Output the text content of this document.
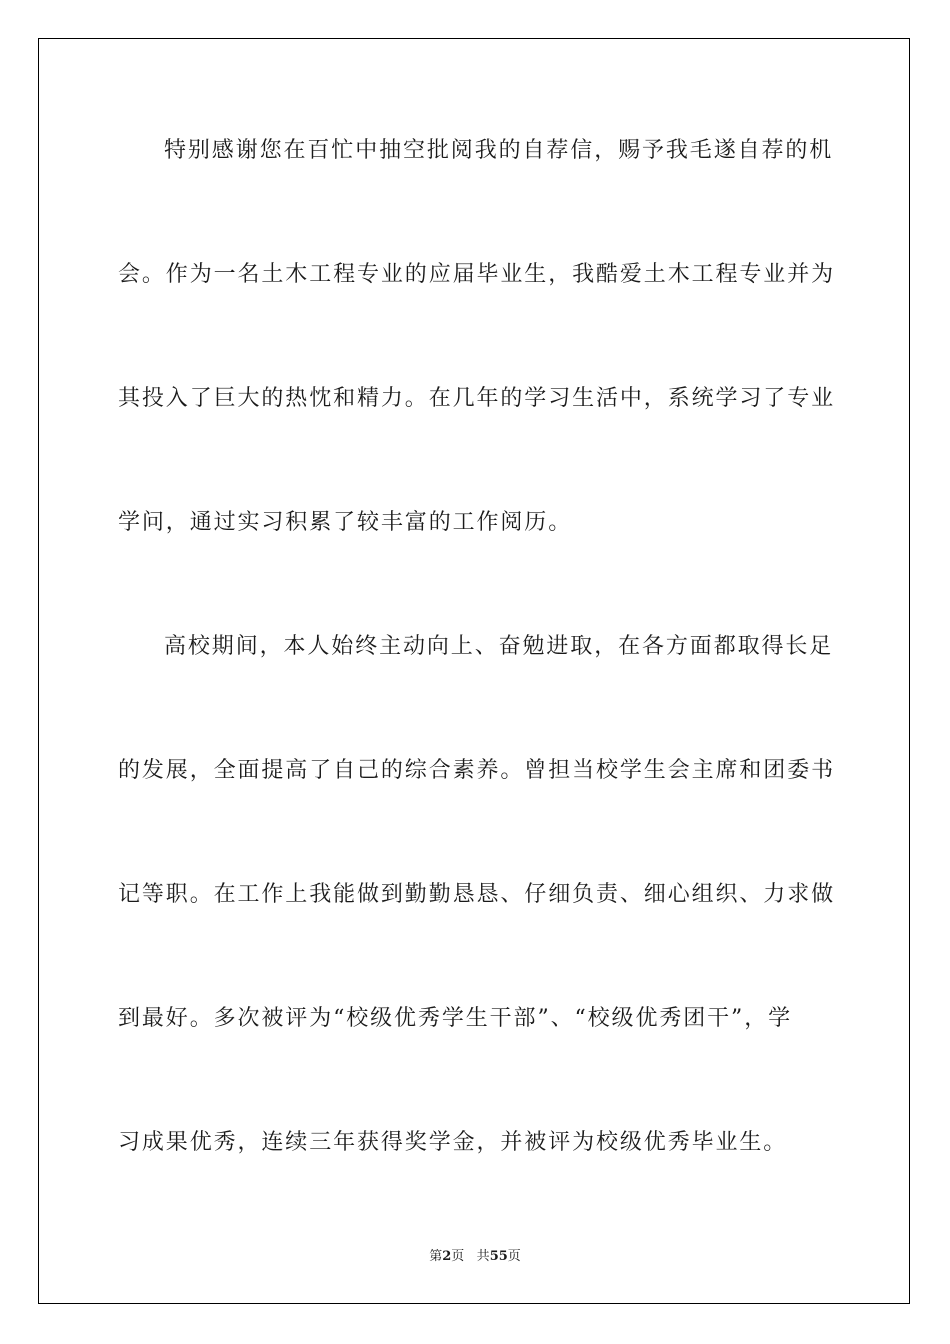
特别感谢您在百忙中抽空批阅我的自荐信，赐予我毛遂自荐的机
会。作为一名土木工程专业的应届毕业生，我酷爱土木工程专业并为
其投入了巨大的热忱和精力。在几年的学习生活中，系统学习了专业
学问，通过实习积累了较丰富的工作阅历。
高校期间，本人始终主动向上、奋勉进取，在各方面都取得长足
的发展，全面提高了自己的综合素养。曾担当校学生会主席和团委书
记等职。在工作上我能做到勤勤恳恳、仔细负责、细心组织、力求做
到最好。多次被评为“校级优秀学生干部”、“校级优秀团干”，学
习成果优秀，连续三年获得奖学金，并被评为校级优秀毕业生。
第2页 共55页
